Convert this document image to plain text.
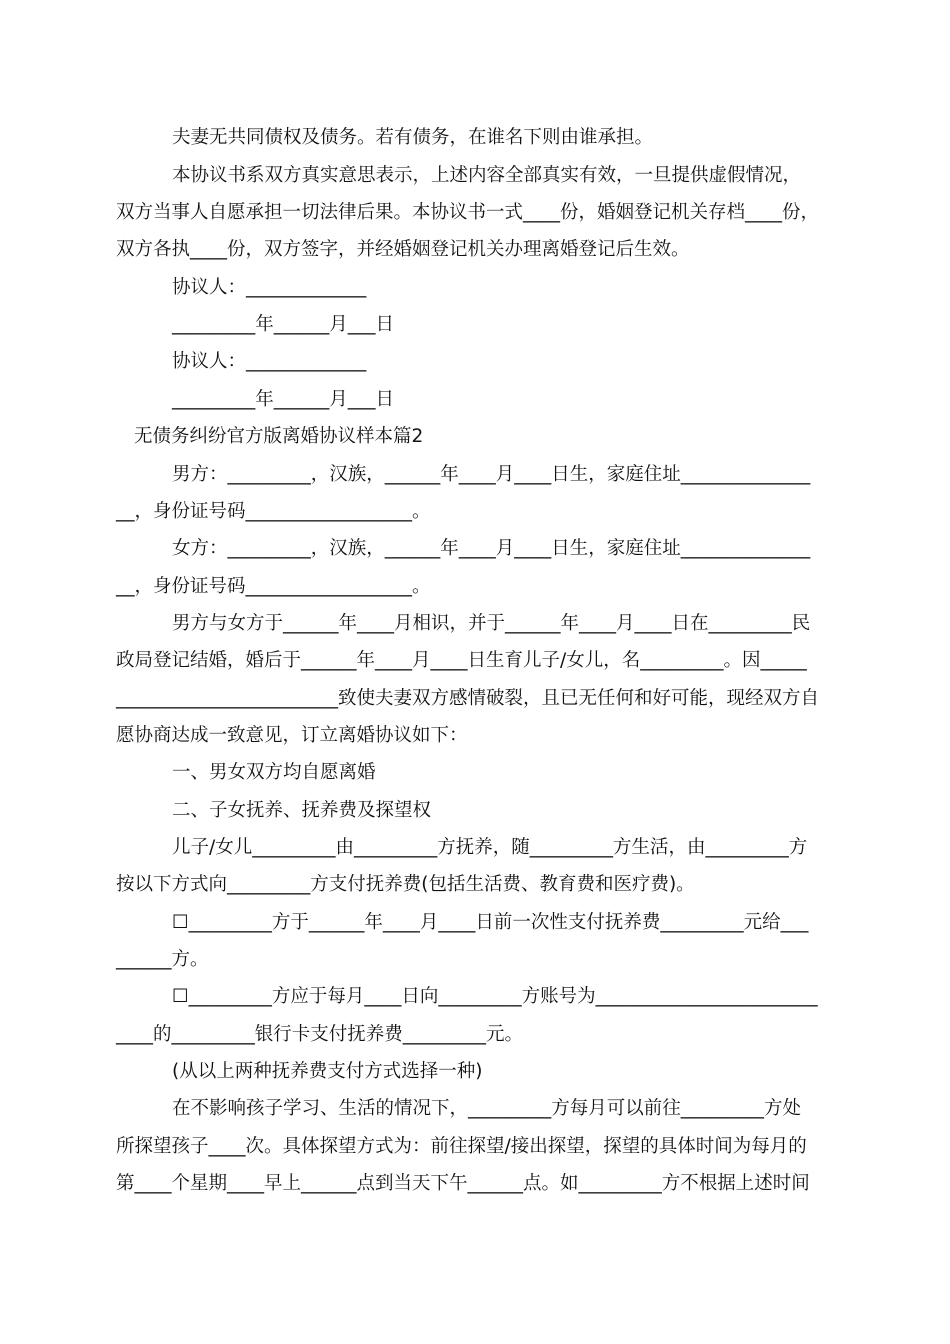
夫妻无共同债权及债务。若有债务，在谁名下则由谁承担。
本协议书系双方真实意思表示，上述内容全部真实有效，一旦提供虚假情况，
双方当事人自愿承担一切法律后果。本协议书一式____份，婚姻登记机关存档____份，
双方各执____份，双方签字，并经婚姻登记机关办理离婚登记后生效。
协议人：_____________
_________年______月___日
协议人：_____________
_________年______月___日
无债务纠纷官方版离婚协议样本篇2
男方：_________，汉族，______年____月____日生，家庭住址______________
__，身份证号码__________________。
女方：_________，汉族，______年____月____日生，家庭住址______________
__，身份证号码__________________。
男方与女方于______年____月相识，并于______年____月____日在_________民
政局登记结婚，婚后于______年____月____日生育儿子/女儿，名_________。因_____
________________________致使夫妻双方感情破裂，且已无任何和好可能，现经双方自
愿协商达成一致意见，订立离婚协议如下：
一、男女双方均自愿离婚
二、子女抚养、抚养费及探望权
儿子/女儿_________由_________方抚养，随_________方生活，由_________方
按以下方式向_________方支付抚养费(包括生活费、教育费和医疗费)。
☐_________方于______年____月____日前一次性支付抚养费_________元给___
______方。
☐_________方应于每月____日向_________方账号为________________________
____的_________银行卡支付抚养费_________元。
(从以上两种抚养费支付方式选择一种)
在不影响孩子学习、生活的情况下，_________方每月可以前往_________方处
所探望孩子____次。具体探望方式为：前往探望/接出探望，探望的具体时间为每月的
第____个星期____早上______点到当天下午______点。如_________方不根据上述时间
